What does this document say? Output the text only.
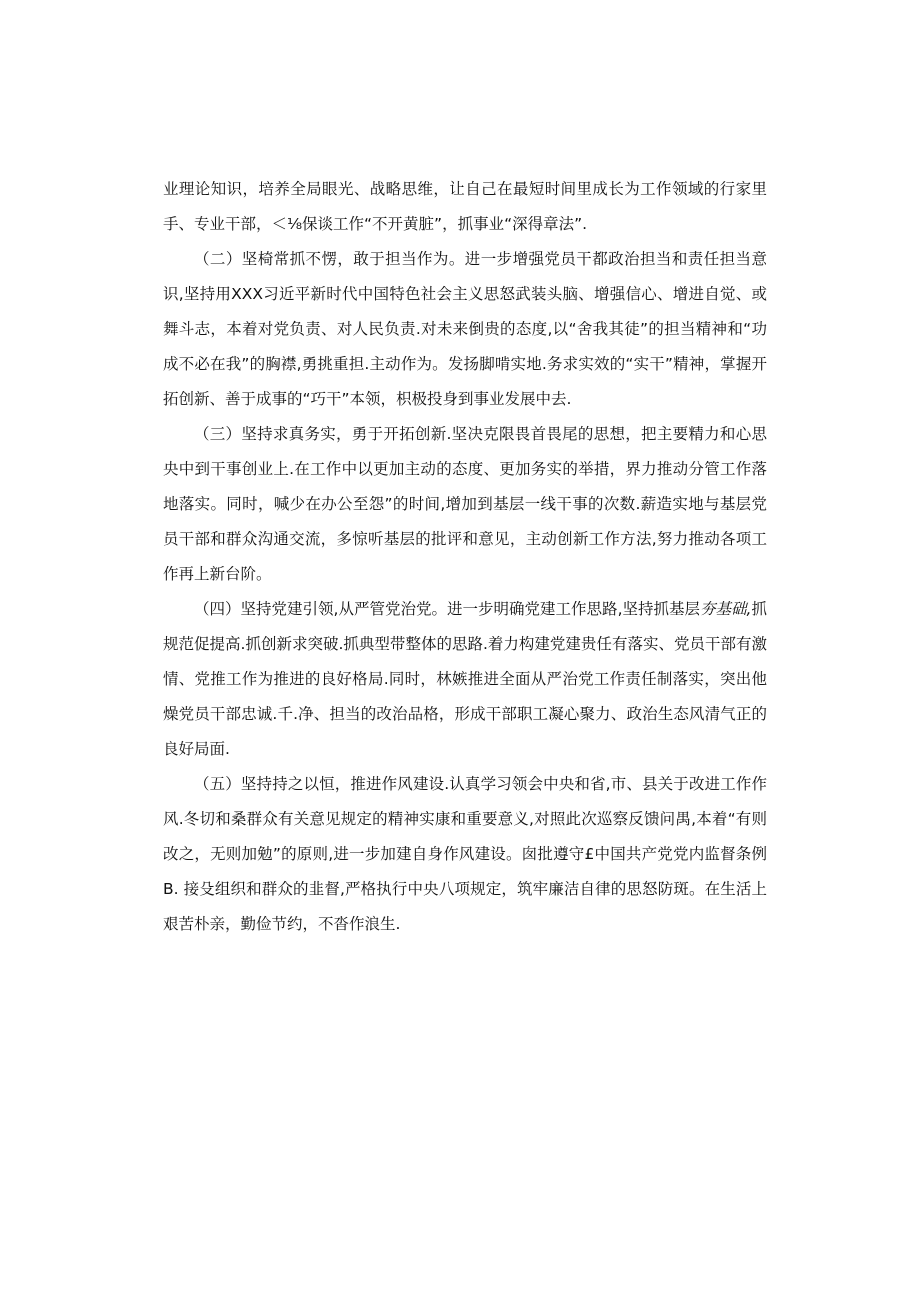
业理论知识，培养全局眼光、战略思维，让自己在最短时间里成长为工作领域的行家里手、专业干部，＜⅛保谈工作“不开黄脏”，抓事业“深得章法”.

（二）坚椅常抓不愣，敢于担当作为。进一步增强党员干都政治担当和责任担当意识,坚持用XXX习近平新时代中国特色社会主义思怒武装头脑、增强信心、增进自觉、或舞斗志，本着对党负责、对人民负责.对未来倒贵的态度,以“舍我其徒”的担当精神和“功成不必在我”的胸襟,勇挑重担.主动作为。发扬脚啃实地.务求实效的“实干”精神，掌握开拓创新、善于成事的“巧干”本领，枳极投身到事业发展中去.

（三）坚持求真务实，勇于开拓创新.坚决克限畏首畏尾的思想，把主要精力和心思央中到干事创业上.在工作中以更加主动的态度、更加务实的举措，界力推动分管工作落地落实。同时，喊少在办公至怨”的时间,增加到基层一线干事的次数.薪造实地与基层党员干部和群众沟通交流，多惊听基层的批评和意见，主动创新工作方法,努力推动各项工作再上新台阶。

（四）坚持党建引领,从严管党治党。进一步明确党建工作思路,坚持抓基层夯基础,抓规范促提高.抓创新求突破.抓典型带整体的思路.着力构建党建贵任有落实、党员干部有激情、党推工作为推进的良好格局.同时，林嫉推进全面从严治党工作责任制落实，突出他燥党员干部忠诚.千.净、担当的改治品格，形成干部职工凝心聚力、政治生态风清气正的良好局面.

（五）坚持持之以恒，推进作风建设.认真学习领会中央和省,市、县关于改进工作作风.冬切和桑群众有关意见规定的精神实康和重要意义,对照此次巡察反馈问禺,本着“有则改之，无则加勉”的原则,进一步加建自身作风建设。囱批遵守£中国共产党党内监督条例B. 接殳组织和群众的韭督,严格执行中央八项规定，筑牢廉洁自律的思怒防斑。在生活上艰苦朴亲，勤俭节约，不沓作浪生.
